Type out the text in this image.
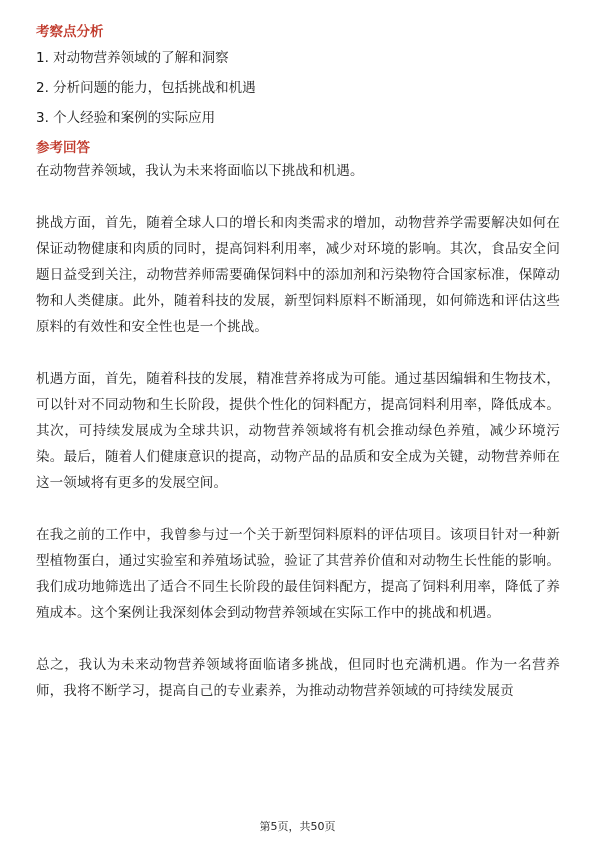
考察点分析

1. 对动物营养领域的了解和洞察

2. 分析问题的能力，包括挑战和机遇

3. 个人经验和案例的实际应用

参考回答

在动物营养领域，我认为未来将面临以下挑战和机遇。

挑战方面，首先，随着全球人口的增长和肉类需求的增加，动物营养学需要解决如何在保证动物健康和肉质的同时，提高饲料利用率，减少对环境的影响。其次，食品安全问题日益受到关注，动物营养师需要确保饲料中的添加剂和污染物符合国家标准，保障动物和人类健康。此外，随着科技的发展，新型饲料原料不断涌现，如何筛选和评估这些原料的有效性和安全性也是一个挑战。

机遇方面，首先，随着科技的发展，精准营养将成为可能。通过基因编辑和生物技术，可以针对不同动物和生长阶段，提供个性化的饲料配方，提高饲料利用率，降低成本。其次，可持续发展成为全球共识，动物营养领域将有机会推动绿色养殖，减少环境污染。最后，随着人们健康意识的提高，动物产品的品质和安全成为关键，动物营养师在这一领域将有更多的发展空间。

在我之前的工作中，我曾参与过一个关于新型饲料原料的评估项目。该项目针对一种新型植物蛋白，通过实验室和养殖场试验，验证了其营养价值和对动物生长性能的影响。我们成功地筛选出了适合不同生长阶段的最佳饲料配方，提高了饲料利用率，降低了养殖成本。这个案例让我深刻体会到动物营养领域在实际工作中的挑战和机遇。

总之，我认为未来动物营养领域将面临诸多挑战，但同时也充满机遇。作为一名营养师，我将不断学习，提高自己的专业素养，为推动动物营养领域的可持续发展贡

第5页，共50页
